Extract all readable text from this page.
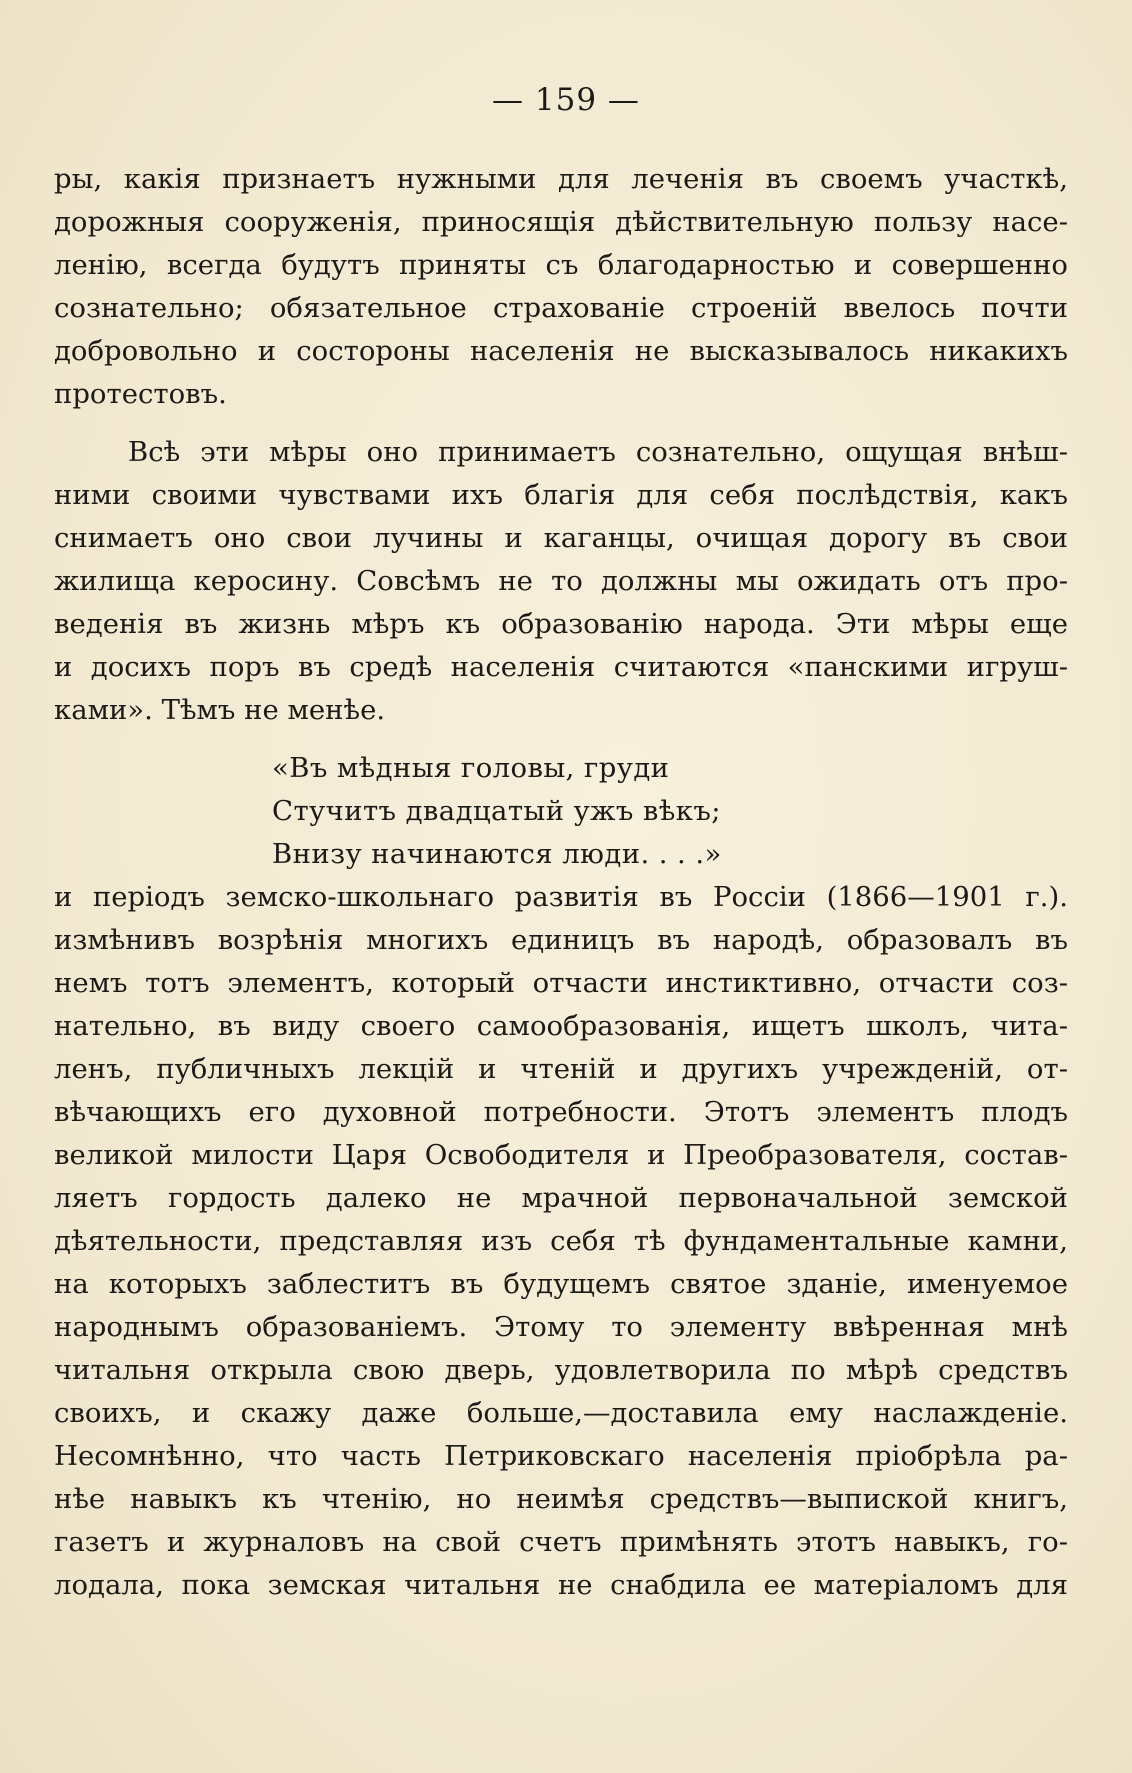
— 159 —
ры, какія признаетъ нужными для леченія въ своемъ участкѣ,
дорожныя сооруженія, приносящія дѣйствительную пользу насе-
ленію, всегда будутъ приняты съ благодарностью и совершенно
сознательно; обязательное страхованіе строеній ввелось почти
добровольно и состороны населенія не высказывалось никакихъ
протестовъ.
Всѣ эти мѣры оно принимаетъ сознательно, ощущая внѣш-
ними своими чувствами ихъ благія для себя послѣдствія, какъ
снимаетъ оно свои лучины и каганцы, очищая дорогу въ свои
жилища керосину. Совсѣмъ не то должны мы ожидать отъ про-
веденія въ жизнь мѣръ къ образованію народа. Эти мѣры еще
и досихъ поръ въ средѣ населенія считаются «панскими игруш-
ками». Тѣмъ не менѣе.
«Въ мѣдныя головы, груди
Стучитъ двадцатый ужъ вѣкъ;
Внизу начинаются люди. . . .»
и періодъ земско-школьнаго развитія въ Россіи (1866—1901 г.).
измѣнивъ возрѣнія многихъ единицъ въ народѣ, образовалъ въ
немъ тотъ элементъ, который отчасти инстиктивно, отчасти соз-
нательно, въ виду своего самообразованія, ищетъ школъ, чита-
ленъ, публичныхъ лекцій и чтеній и другихъ учрежденій, от-
вѣчающихъ его духовной потребности. Этотъ элементъ плодъ
великой милости Царя Освободителя и Преобразователя, состав-
ляетъ гордость далеко не мрачной первоначальной земской
дѣятельности, представляя изъ себя тѣ фундаментальные камни,
на которыхъ заблеститъ въ будущемъ святое зданіе, именуемое
народнымъ образованіемъ. Этому то элементу ввѣренная мнѣ
читальня открыла свою дверь, удовлетворила по мѣрѣ средствъ
своихъ, и скажу даже больше,—доставила ему наслажденіе.
Несомнѣнно, что часть Петриковскаго населенія пріобрѣла ра-
нѣе навыкъ къ чтенію, но неимѣя средствъ—выпиской книгъ,
газетъ и журналовъ на свой счетъ примѣнять этотъ навыкъ, го-
лодала, пока земская читальня не снабдила ее матеріаломъ для
